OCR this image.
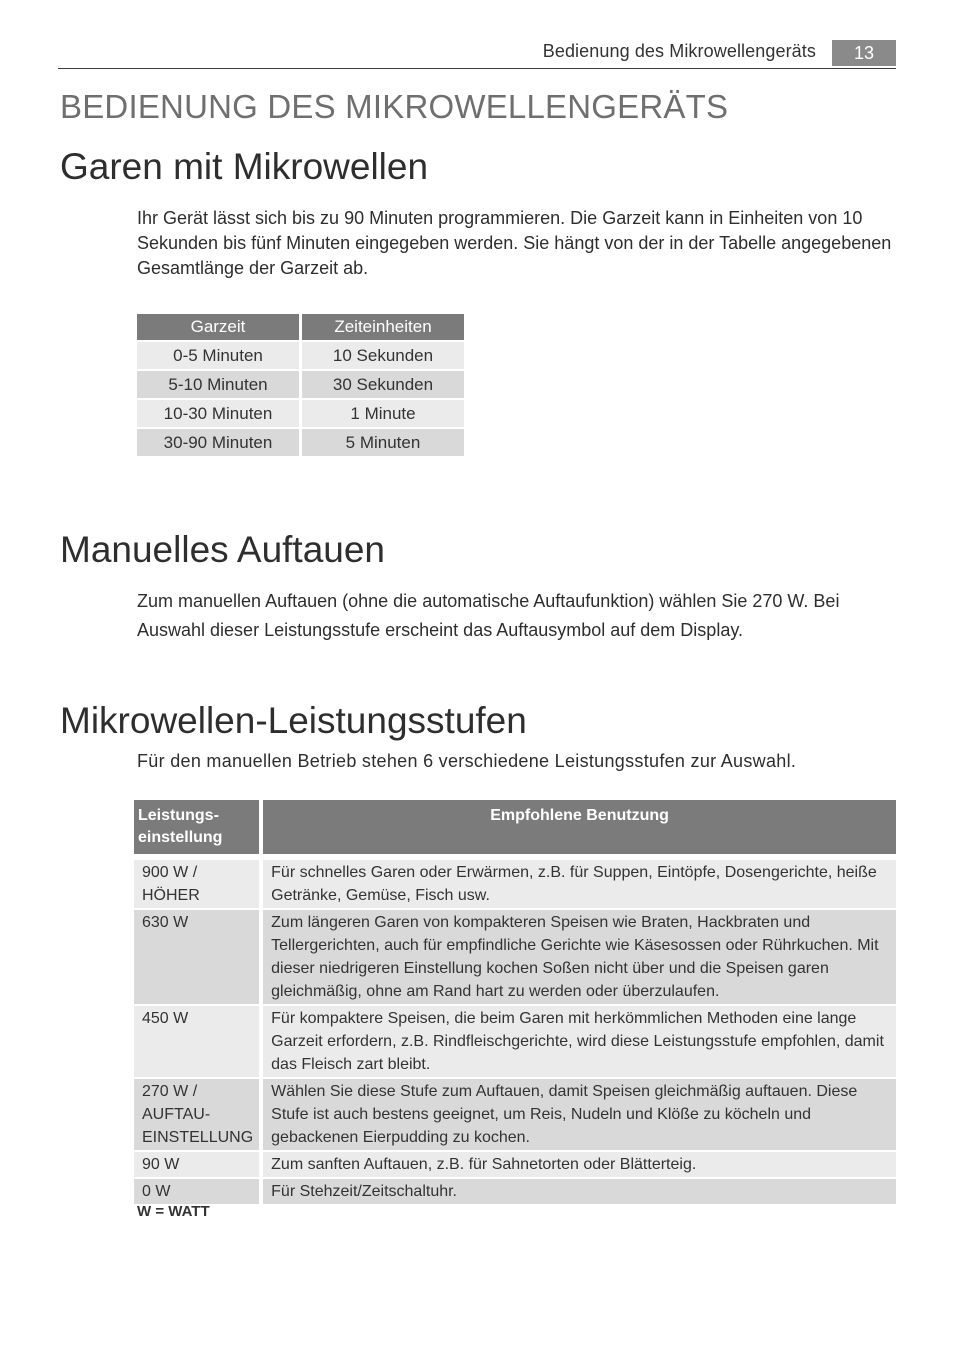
Bedienung des Mikrowellengeräts	13
BEDIENUNG DES MIKROWELLENGERÄTS
Garen mit Mikrowellen

Ihr Gerät lässt sich bis zu 90 Minuten programmieren. Die Garzeit kann in Einheiten von 10 Sekunden bis fünf Minuten eingegeben werden. Sie hängt von der in der Tabelle angegebenen Gesamtlänge der Garzeit ab.

Garzeit	Zeiteinheiten
0-5 Minuten	10 Sekunden
5-10 Minuten	30 Sekunden
10-30 Minuten	1 Minute
30-90 Minuten	5 Minuten
Manuelles Auftauen

Zum manuellen Auftauen (ohne die automatische Auftaufunktion) wählen Sie 270 W. Bei Auswahl dieser Leistungsstufe erscheint das Auftausymbol auf dem Display.

Mikrowellen-Leistungsstufen

Für den manuellen Betrieb stehen 6 verschiedene Leistungsstufen zur Auswahl.

Leistungs-
einstellung	Empfohlene Benutzung

900 W /
HÖHER	Für schnelles Garen oder Erwärmen, z.B. für Suppen, Eintöpfe, Dosengerichte, heiße Getränke, Gemüse, Fisch usw.
630 W	Zum längeren Garen von kompakteren Speisen wie Braten, Hackbraten und Tellergerichten, auch für empfindliche Gerichte wie Käsesossen oder Rührkuchen. Mit dieser niedrigeren Einstellung kochen Soßen nicht über und die Speisen garen gleichmäßig, ohne am Rand hart zu werden oder überzulaufen.
450 W	Für kompaktere Speisen, die beim Garen mit herkömmlichen Methoden eine lange Garzeit erfordern, z.B. Rindfleischgerichte, wird diese Leistungsstufe empfohlen, damit das Fleisch zart bleibt.
270 W /
AUFTAU-
EINSTELLUNG	Wählen Sie diese Stufe zum Auftauen, damit Speisen gleichmäßig auftauen. Diese Stufe ist auch bestens geeignet, um Reis, Nudeln und Klöße zu köcheln und gebackenen Eierpudding zu kochen.
90 W	Zum sanften Auftauen, z.B. für Sahnetorten oder Blätterteig.
0 W	Für Stehzeit/Zeitschaltuhr.
W = WATT
